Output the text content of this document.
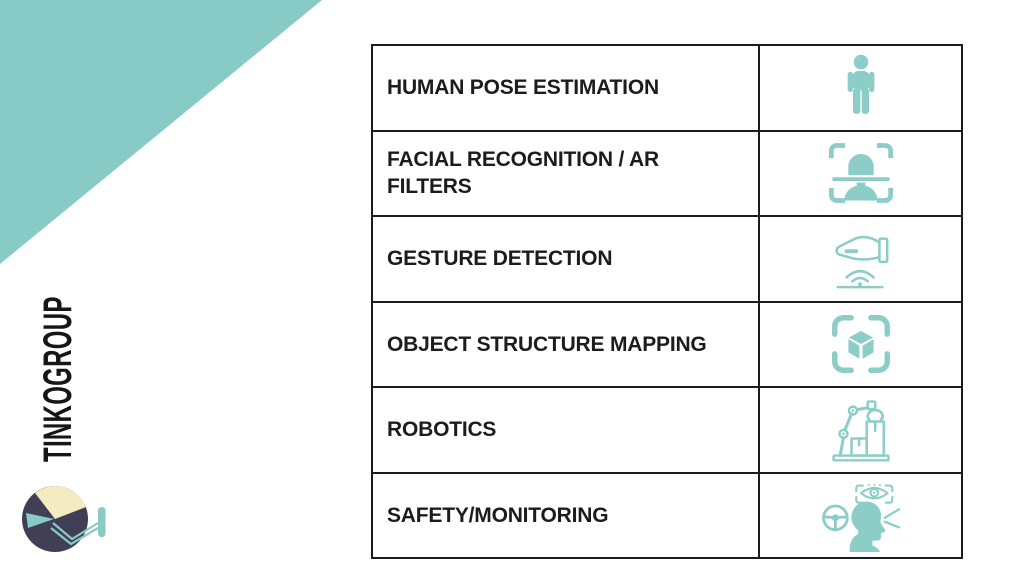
TINKOGROUP
HUMAN POSE ESTIMATION
FACIAL RECOGNITION / AR FILTERS
GESTURE DETECTION
OBJECT STRUCTURE MAPPING
ROBOTICS
SAFETY/MONITORING
